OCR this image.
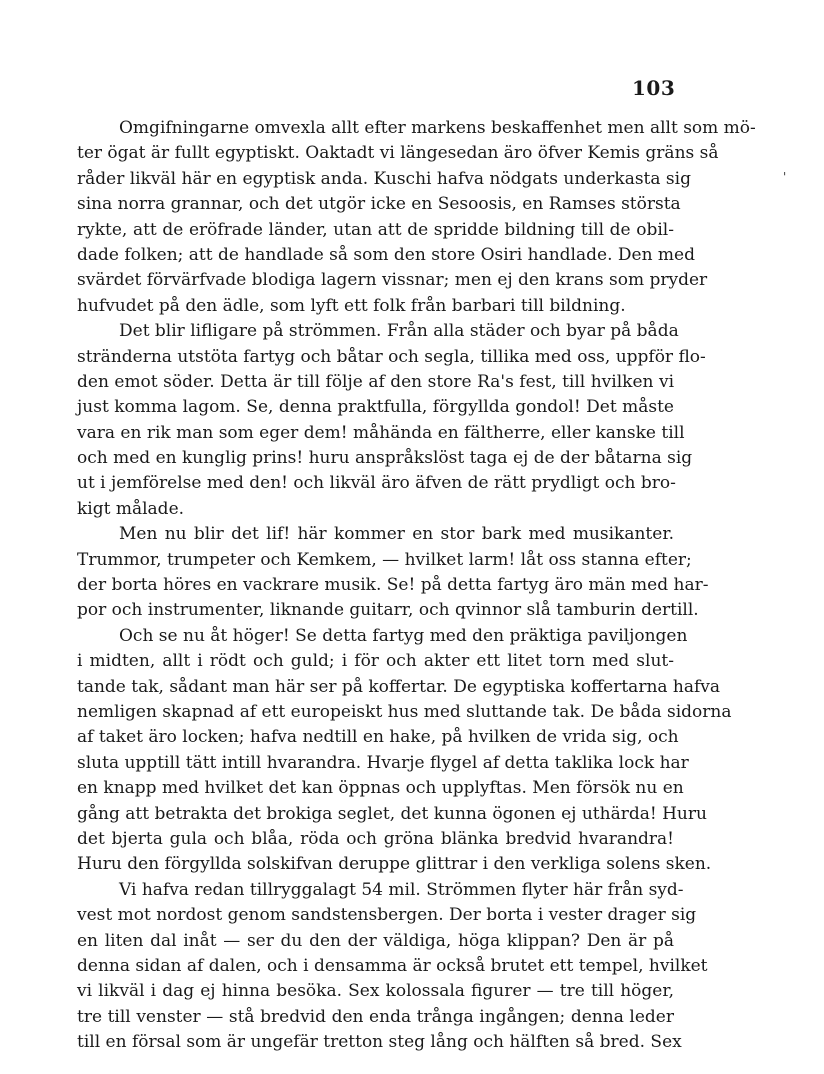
103
'
Omgifningarne omvexla allt efter markens beskaffenhet men allt som mö-
ter ögat är fullt egyptiskt. Oaktadt vi längesedan äro öfver Kemis gräns så
råder likväl här en egyptisk anda. Kuschi hafva nödgats underkasta sig
sina norra grannar, och det utgör icke en Sesoosis, en Ramses största
rykte, att de eröfrade länder, utan att de spridde bildning till de obil-
dade folken; att de handlade så som den store Osiri handlade. Den med
svärdet förvärfvade blodiga lagern vissnar; men ej den krans som pryder
hufvudet på den ädle, som lyft ett folk från barbari till bildning.
Det blir lifligare på strömmen. Från alla städer och byar på båda
stränderna utstöta fartyg och båtar och segla, tillika med oss, uppför flo-
den emot söder. Detta är till följe af den store Ra's fest, till hvilken vi
just komma lagom. Se, denna praktfulla, förgyllda gondol! Det måste
vara en rik man som eger dem! måhända en fältherre, eller kanske till
och med en kunglig prins! huru anspråkslöst taga ej de der båtarna sig
ut i jemförelse med den! och likväl äro äfven de rätt prydligt och bro-
kigt målade.
Men nu blir det lif! här kommer en stor bark med musikanter.
Trummor, trumpeter och Kemkem, — hvilket larm! låt oss stanna efter;
der borta höres en vackrare musik. Se! på detta fartyg äro män med har-
por och instrumenter, liknande guitarr, och qvinnor slå tamburin dertill.
Och se nu åt höger! Se detta fartyg med den präktiga paviljongen
i midten, allt i rödt och guld; i för och akter ett litet torn med slut-
tande tak, sådant man här ser på koffertar. De egyptiska koffertarna hafva
nemligen skapnad af ett europeiskt hus med sluttande tak. De båda sidorna
af taket äro locken; hafva nedtill en hake, på hvilken de vrida sig, och
sluta upptill tätt intill hvarandra. Hvarje flygel af detta taklika lock har
en knapp med hvilket det kan öppnas och upplyftas. Men försök nu en
gång att betrakta det brokiga seglet, det kunna ögonen ej uthärda! Huru
det bjerta gula och blåa, röda och gröna blänka bredvid hvarandra!
Huru den förgyllda solskifvan deruppe glittrar i den verkliga solens sken.
Vi hafva redan tillryggalagt 54 mil. Strömmen flyter här från syd-
vest mot nordost genom sandstensbergen. Der borta i vester drager sig
en liten dal inåt — ser du den der väldiga, höga klippan? Den är på
denna sidan af dalen, och i densamma är också brutet ett tempel, hvilket
vi likväl i dag ej hinna besöka. Sex kolossala figurer — tre till höger,
tre till venster — stå bredvid den enda trånga ingången; denna leder
till en försal som är ungefär tretton steg lång och hälften så bred. Sex
